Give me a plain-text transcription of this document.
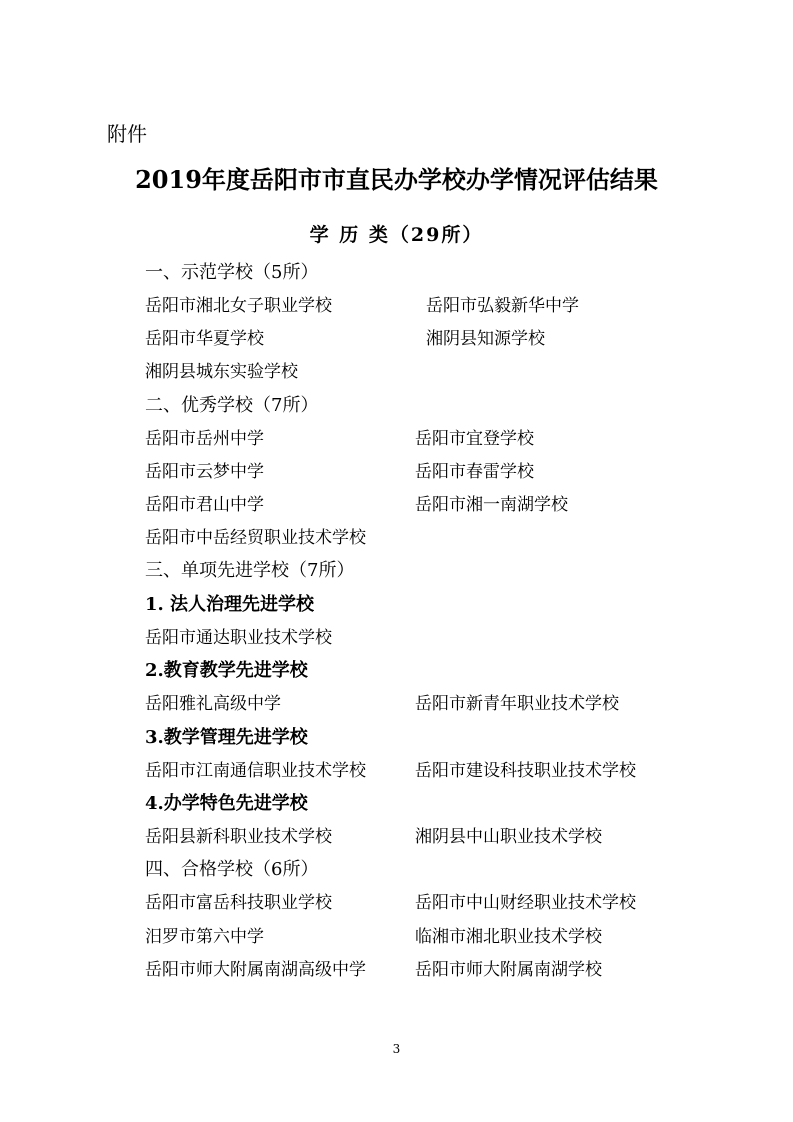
附件
2019年度岳阳市市直民办学校办学情况评估结果
学 历 类（29所）
一、示范学校（5所）
岳阳市湘北女子职业学校	岳阳市弘毅新华中学
岳阳市华夏学校	湘阴县知源学校
湘阴县城东实验学校
二、优秀学校（7所）
岳阳市岳州中学	岳阳市宜登学校
岳阳市云梦中学	岳阳市春雷学校
岳阳市君山中学	岳阳市湘一南湖学校
岳阳市中岳经贸职业技术学校
三、单项先进学校（7所）
1. 法人治理先进学校
岳阳市通达职业技术学校
2.教育教学先进学校
岳阳雅礼高级中学	岳阳市新青年职业技术学校
3.教学管理先进学校
岳阳市江南通信职业技术学校	岳阳市建设科技职业技术学校
4.办学特色先进学校
岳阳县新科职业技术学校	湘阴县中山职业技术学校
四、合格学校（6所）
岳阳市富岳科技职业学校	岳阳市中山财经职业技术学校
汨罗市第六中学	临湘市湘北职业技术学校
岳阳市师大附属南湖高级中学	岳阳市师大附属南湖学校
3
